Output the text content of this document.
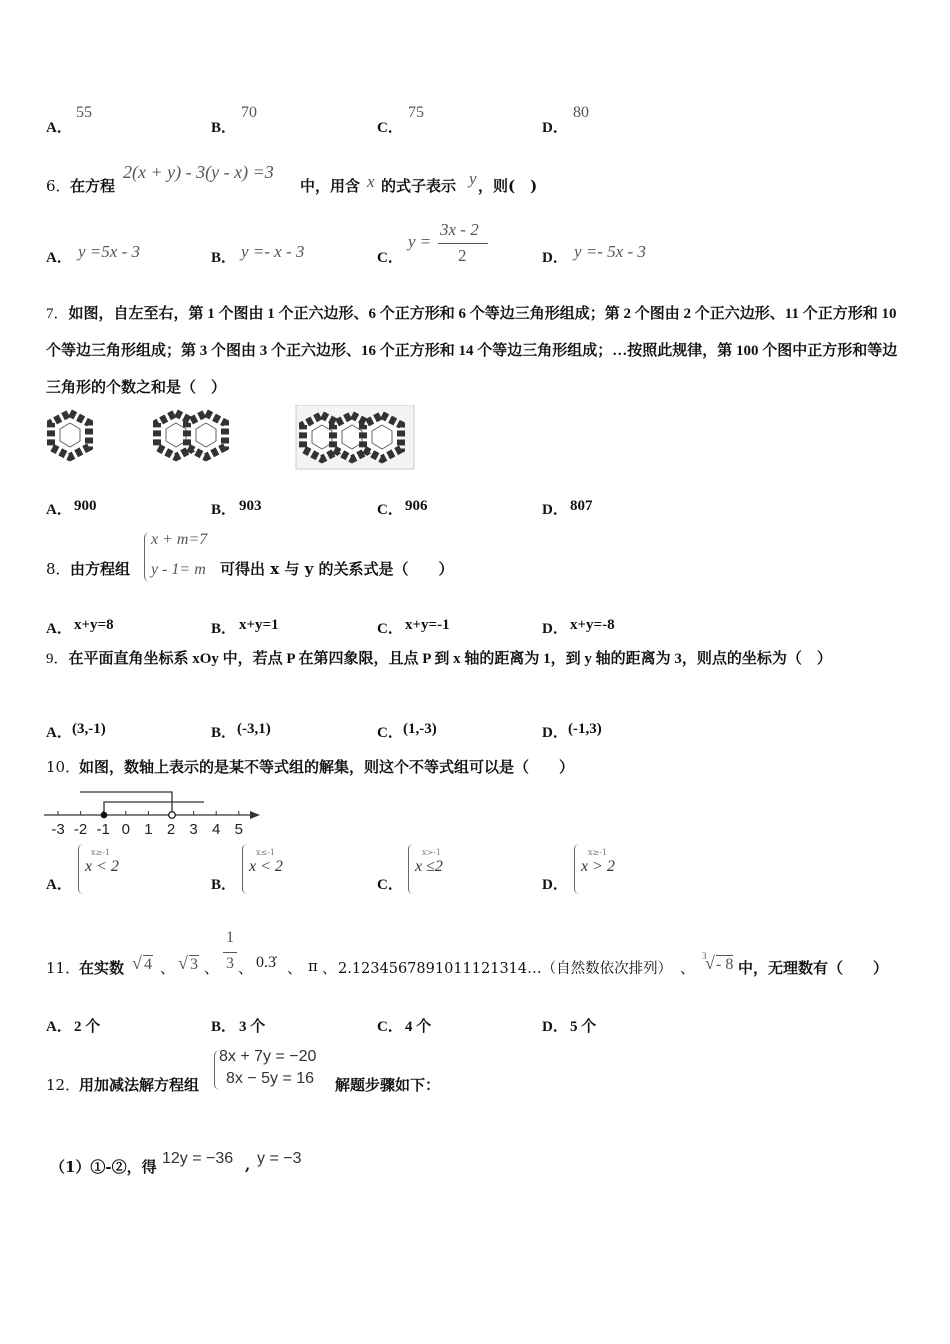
A．
55
B．
70
C．
75
D．
80
6． 在方程
2(x + y) - 3(y - x) =3
中，用含 x 的式子表示 y ，则(　)
A． y =5x - 3	B． y =- x - 3	C．
y =
3x - 2
2	D． y =- 5x - 3
7．如图，自左至右，第 1 个图由 1 个正六边形、6 个正方形和 6 个等边三角形组成；第 2 个图由 2 个正六边形、11 个正方形和 10 个等边三角形组成；第 3 个图由 3 个正六边形、16 个正方形和 14 个等边三角形组成；…按照此规律，第 100 个图中正方形和等边三角形的个数之和是（　）
A． 900	B． 903	C． 906	D． 807
8． 由方程组
x + m=7
y - 1= m 可得出 x 与 y 的关系式是（　　）
A． x+y=8	B． x+y=1	C． x+y=-1	D． x+y=-8
9．在平面直角坐标系 xOy 中，若点 P 在第四象限，且点 P 到 x 轴的距离为 1，到 y 轴的距离为 3，则点的坐标为（　）
A． (3,-1)	B． (-3,1)	C． (1,-3)	D． (-1,3)
10．
如图，数轴上表示的是某不等式组的解集，则这个不等式组可以是（　　）
-3 -2 -1 0 1 2 3 4 5
A．
x≥-1
x < 2
B．
x≤-1
x < 2
C．
x>-1
x ≤2
D．
x≥-1
x > 2
11．
在实数 √ 4 、 √ 3 、
1
3 、 0.3̇ 、 π 、 2.1234567891011121314…（自然数依次排列） 、
3
√ - 8 中，无理数有（　　）
A． 2 个	B． 3 个	C． 4 个	D． 5 个
12．
用加减法解方程组
8x + 7y = −20
8x − 5y = 16 解题步骤如下：
（1）①-②，得 12y = −36 , y = −3
